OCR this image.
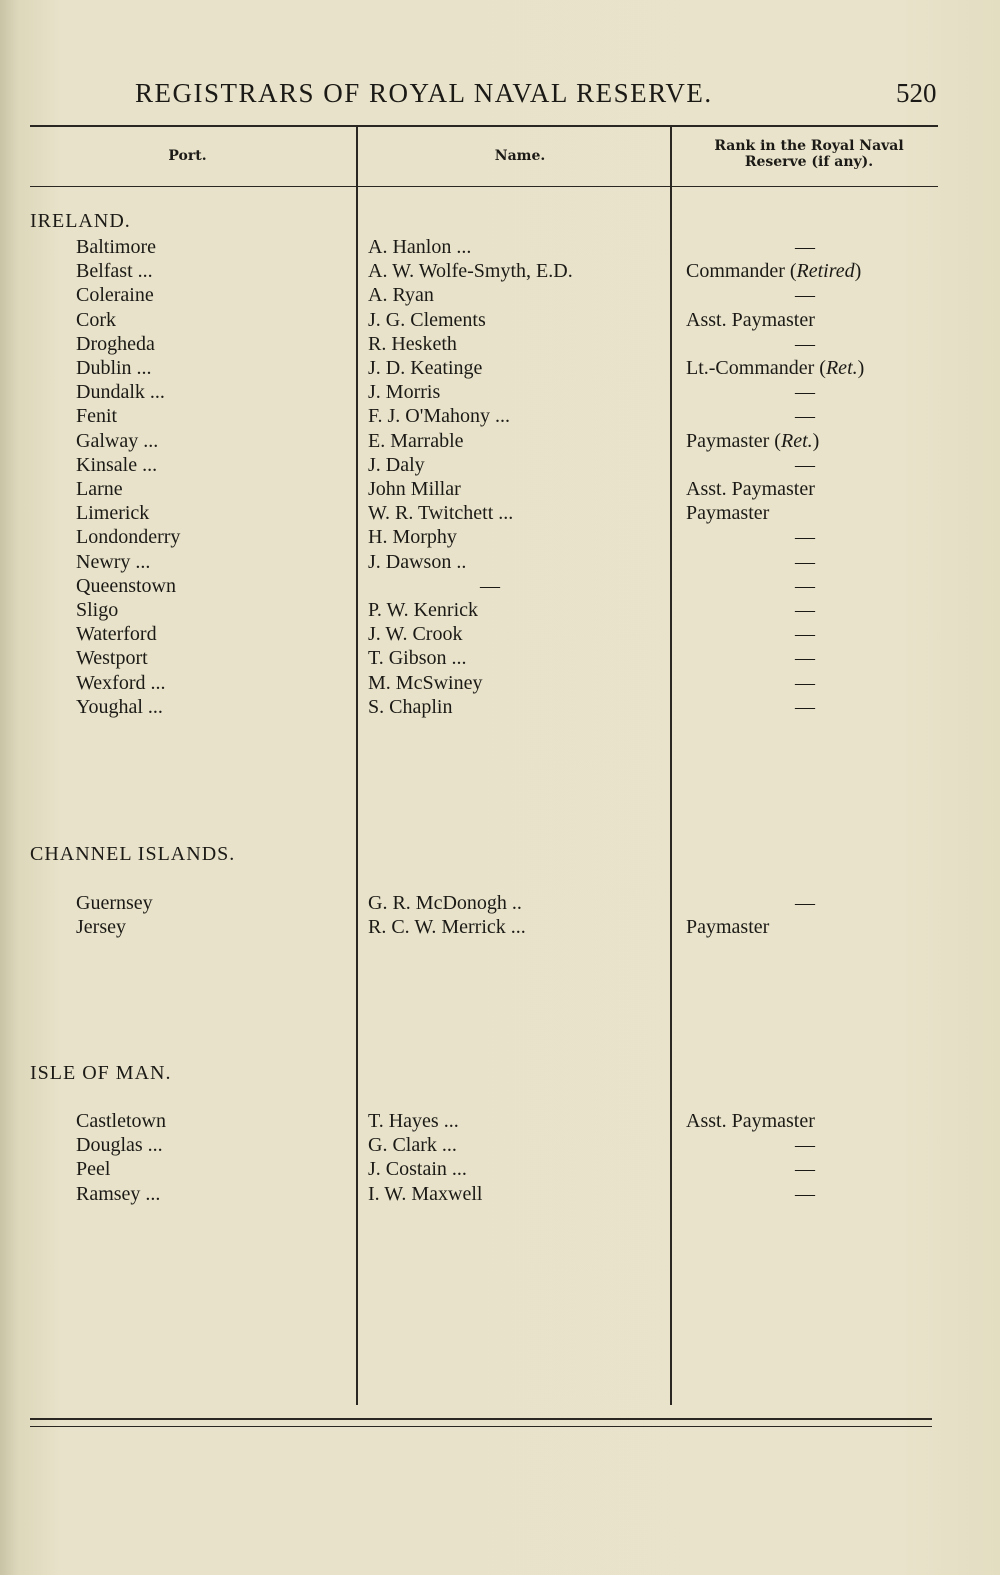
REGISTRARS OF ROYAL NAVAL RESERVE.	520
Port.	Name.
Rank in the Royal Naval
Reserve (if any).
IRELAND.
CHANNEL ISLANDS.
ISLE OF MAN.
Baltimore	A. Hanlon ...	—
Belfast ...	A. W. Wolfe-Smyth, E.D.	Commander (Retired)
Coleraine	A. Ryan	—
Cork	J. G. Clements	Asst. Paymaster
Drogheda	R. Hesketh	—
Dublin ...	J. D. Keatinge	Lt.-Commander (Ret.)
Dundalk ...	J. Morris	—
Fenit	F. J. O'Mahony ...	—
Galway ...	E. Marrable	Paymaster (Ret.)
Kinsale ...	J. Daly	—
Larne	John Millar	Asst. Paymaster
Limerick	W. R. Twitchett ...	Paymaster
Londonderry	H. Morphy	—
Newry ...	J. Dawson ..	—
Queenstown	—	—
Sligo	P. W. Kenrick	—
Waterford	J. W. Crook	—
Westport	T. Gibson ...	—
Wexford ...	M. McSwiney	—
Youghal ...	S. Chaplin	—
Guernsey	G. R. McDonogh ..	—
Jersey	R. C. W. Merrick ...	Paymaster
Castletown	T. Hayes ...	Asst. Paymaster
Douglas ...	G. Clark ...	—
Peel	J. Costain ...	—
Ramsey ...	I. W. Maxwell	—
